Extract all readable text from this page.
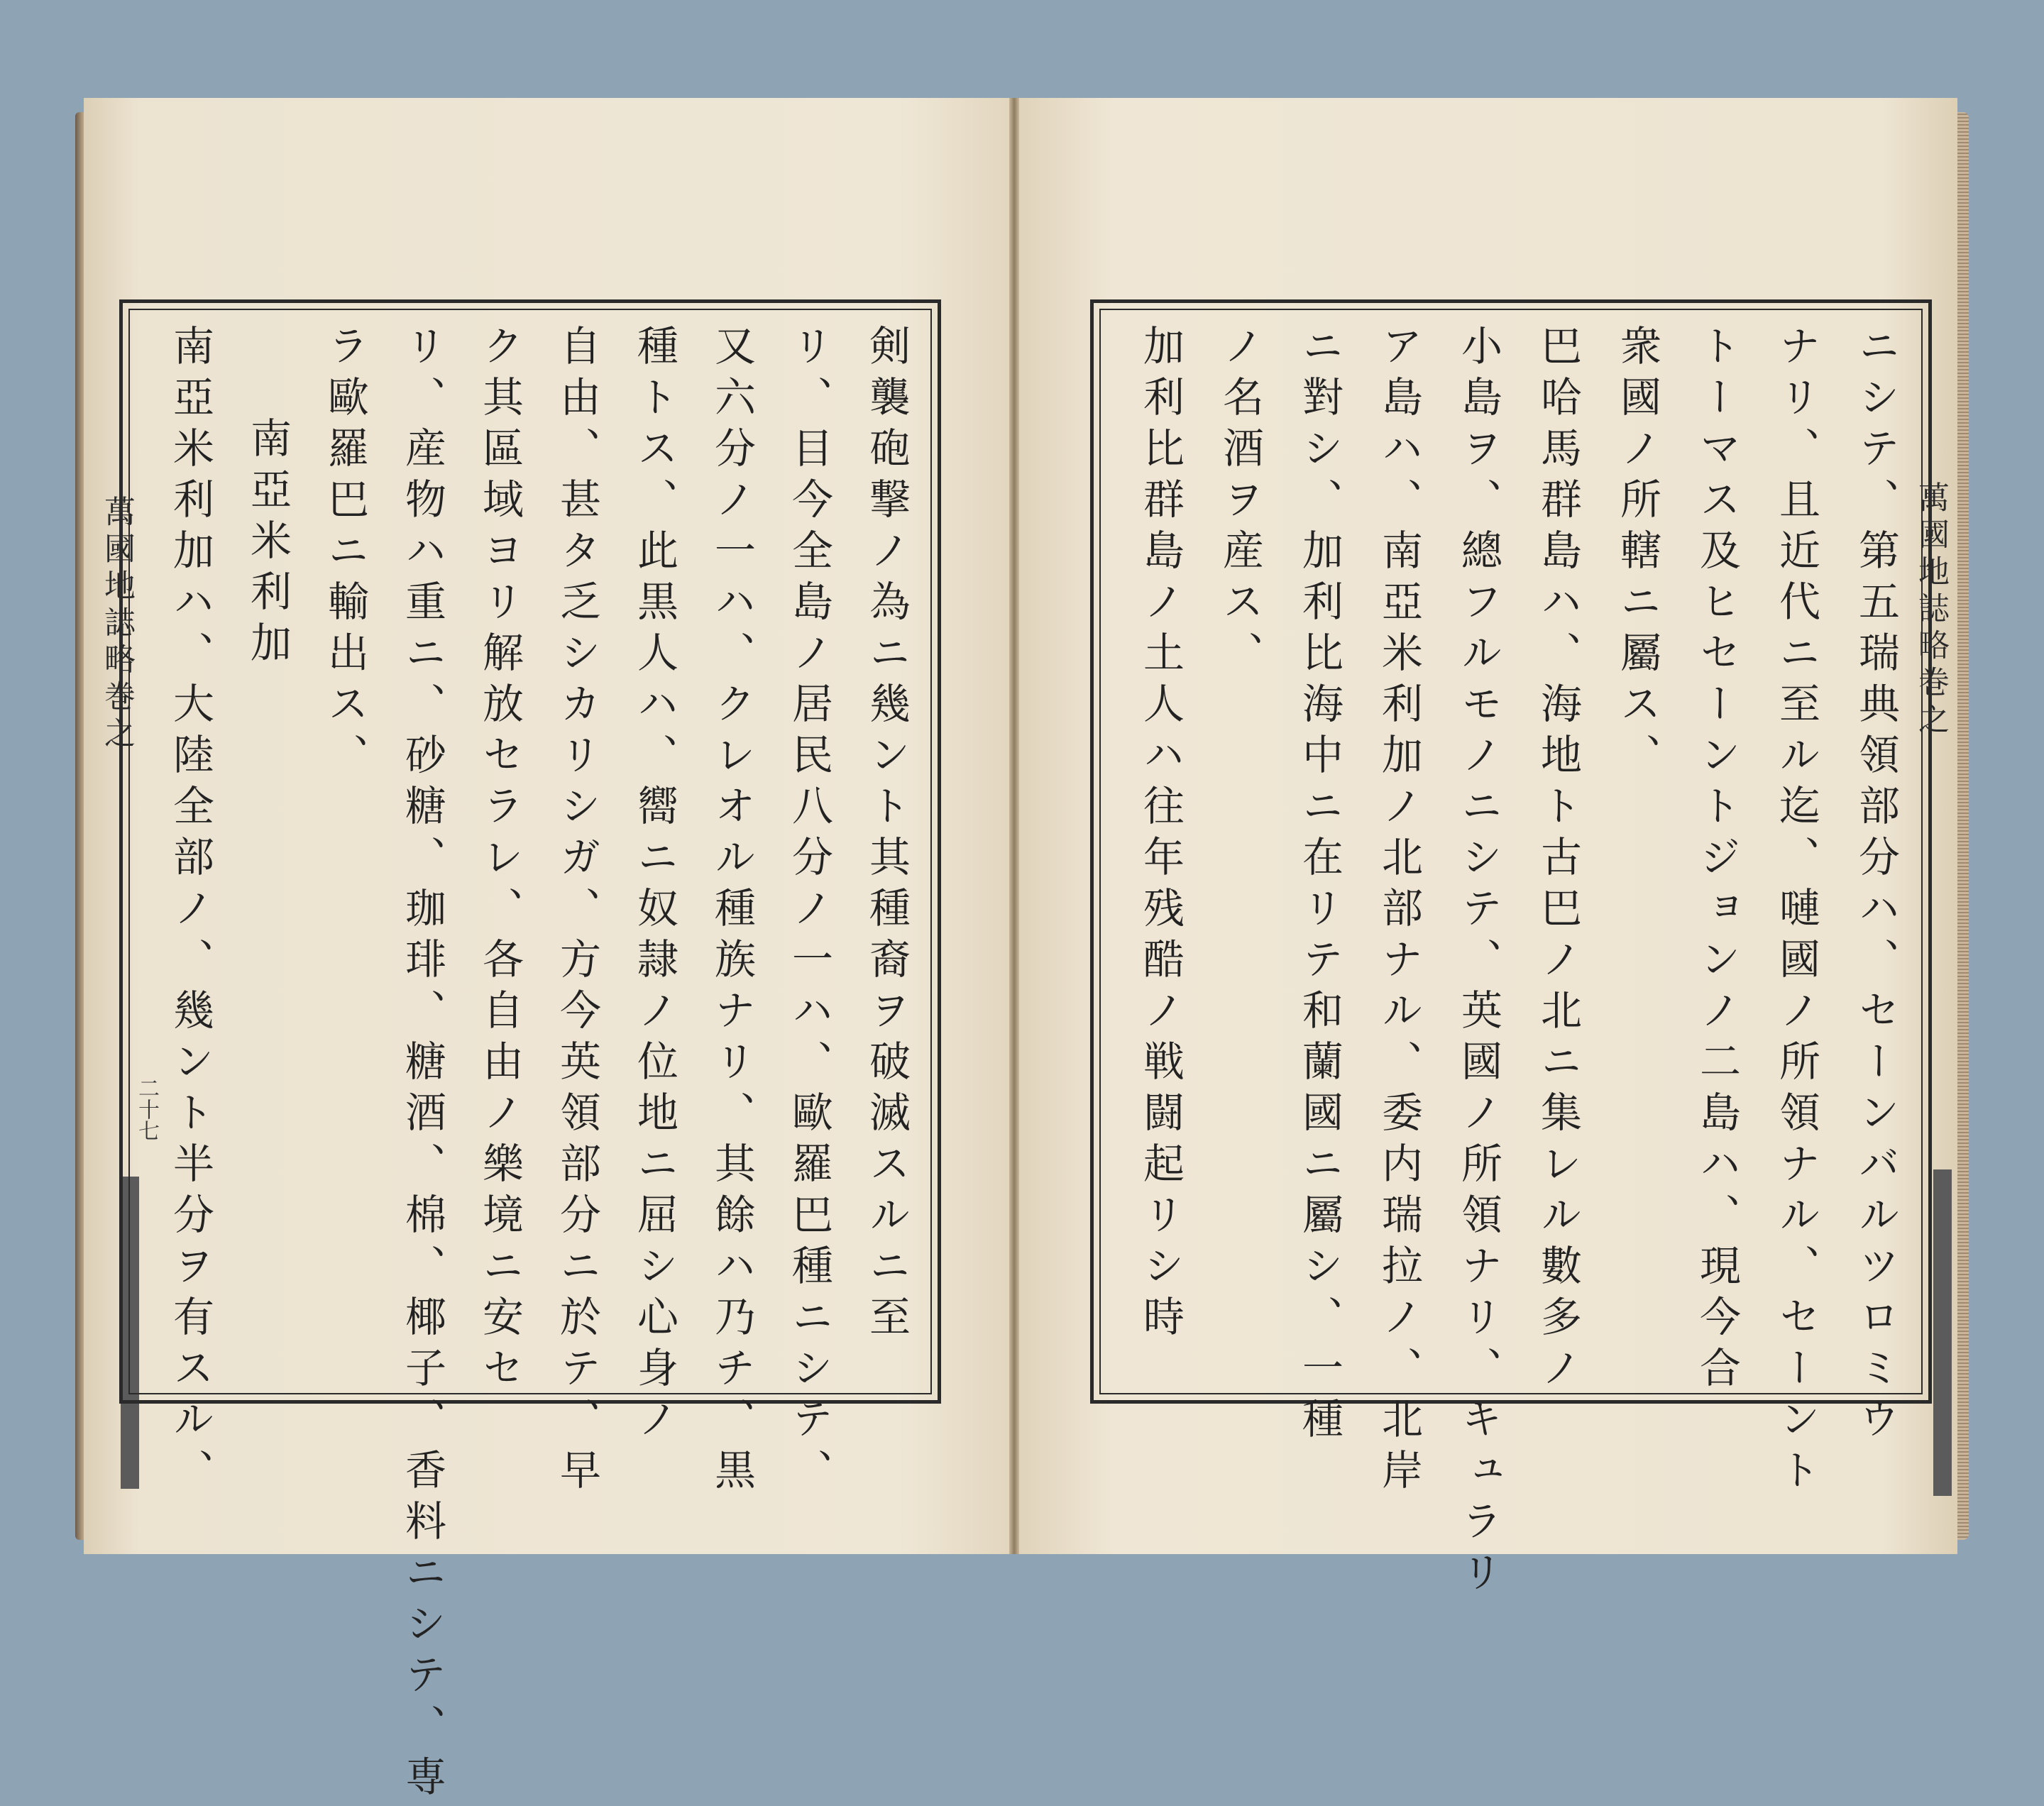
萬國地誌略巻之
二十七	剣襲砲撃ノ為ニ幾ント其種裔ヲ破滅スルニ至
リ、目今全島ノ居民八分ノ一ハ、歐羅巴種ニシテ、
又六分ノ一ハ、クレオル種族ナリ、其餘ハ乃チ、黒
種トス、此黒人ハ、嚮ニ奴隷ノ位地ニ屈シ心身ノ
自由、甚タ乏シカリシガ、方今英領部分ニ於テ、早
ク其區域ヨリ解放セラレ、各自由ノ樂境ニ安セ
リ、産物ハ重ニ、砂糖、珈琲、糖酒、棉、椰子、香料ニシテ、専
ラ歐羅巴ニ輸出ス、
南亞米利加
南亞米利加ハ、大陸全部ノ、幾ント半分ヲ有スル、	萬國地誌略巻之
ニシテ、第五瑞典領部分ハ、セーンバルツロミウ
ナリ、且近代ニ至ル迄、嗹國ノ所領ナル、セーント
トーマス及ヒセーントジョンノ二島ハ、現今合
衆國ノ所轄ニ屬ス、
巴哈馬群島ハ、海地ト古巴ノ北ニ集レル數多ノ
小島ヲ、總フルモノニシテ、英國ノ所領ナリ、キュラリ
ア島ハ、南亞米利加ノ北部ナル、委内瑞拉ノ、北岸
ニ對シ、加利比海中ニ在リテ和蘭國ニ屬シ、一種
ノ名酒ヲ産ス、
加利比群島ノ土人ハ往年残酷ノ戦闘起リシ時
